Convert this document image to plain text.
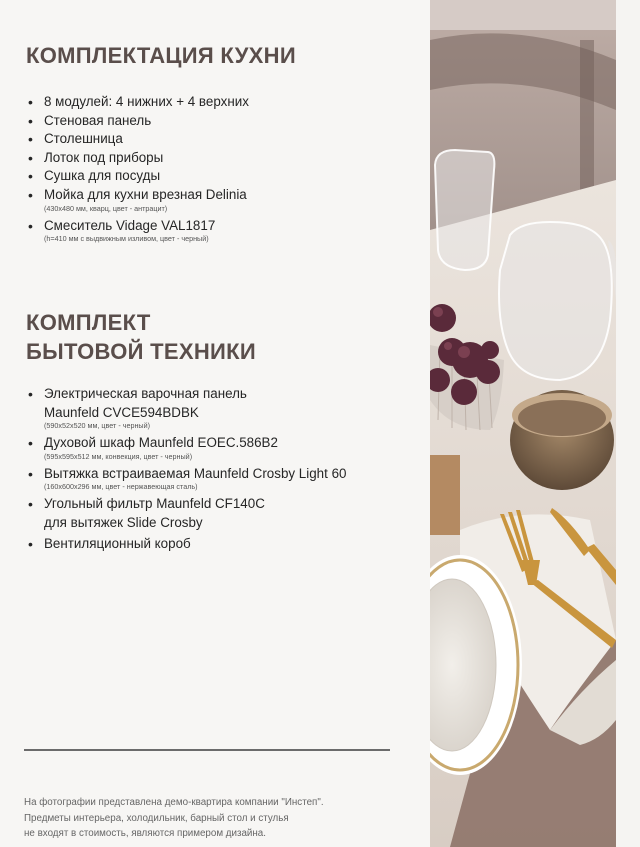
КОМПЛЕКТАЦИЯ КУХНИ
• 8 модулей: 4 нижних + 4 верхних
• Стеновая панель
• Столешница
• Лоток под приборы
• Сушка для посуды
• Мойка для кухни врезная Delinia
(430x480 мм, кварц, цвет - антрацит)
• Смеситель Vidage VAL1817
(h=410 мм с выдвижным изливом, цвет - черный)
КОМПЛЕКТ
БЫТОВОЙ ТЕХНИКИ
• Электрическая варочная панель
Maunfeld CVCE594BDBK
(590x52x520 мм, цвет - черный)
• Духовой шкаф Maunfeld EOEC.586B2
(595x595x512 мм, конвекция, цвет - черный)
• Вытяжка встраиваемая Maunfeld Crosby Light 60
(160x600x296 мм, цвет - нержавеющая сталь)
• Угольный фильтр Maunfeld CF140C
для вытяжек Slide Crosby
• Вентиляционный короб

На фотографии представлена демо-квартира компании "Инстеп".
Предметы интерьера, холодильник, барный стол и стулья
не входят в стоимость, являются примером дизайна.
